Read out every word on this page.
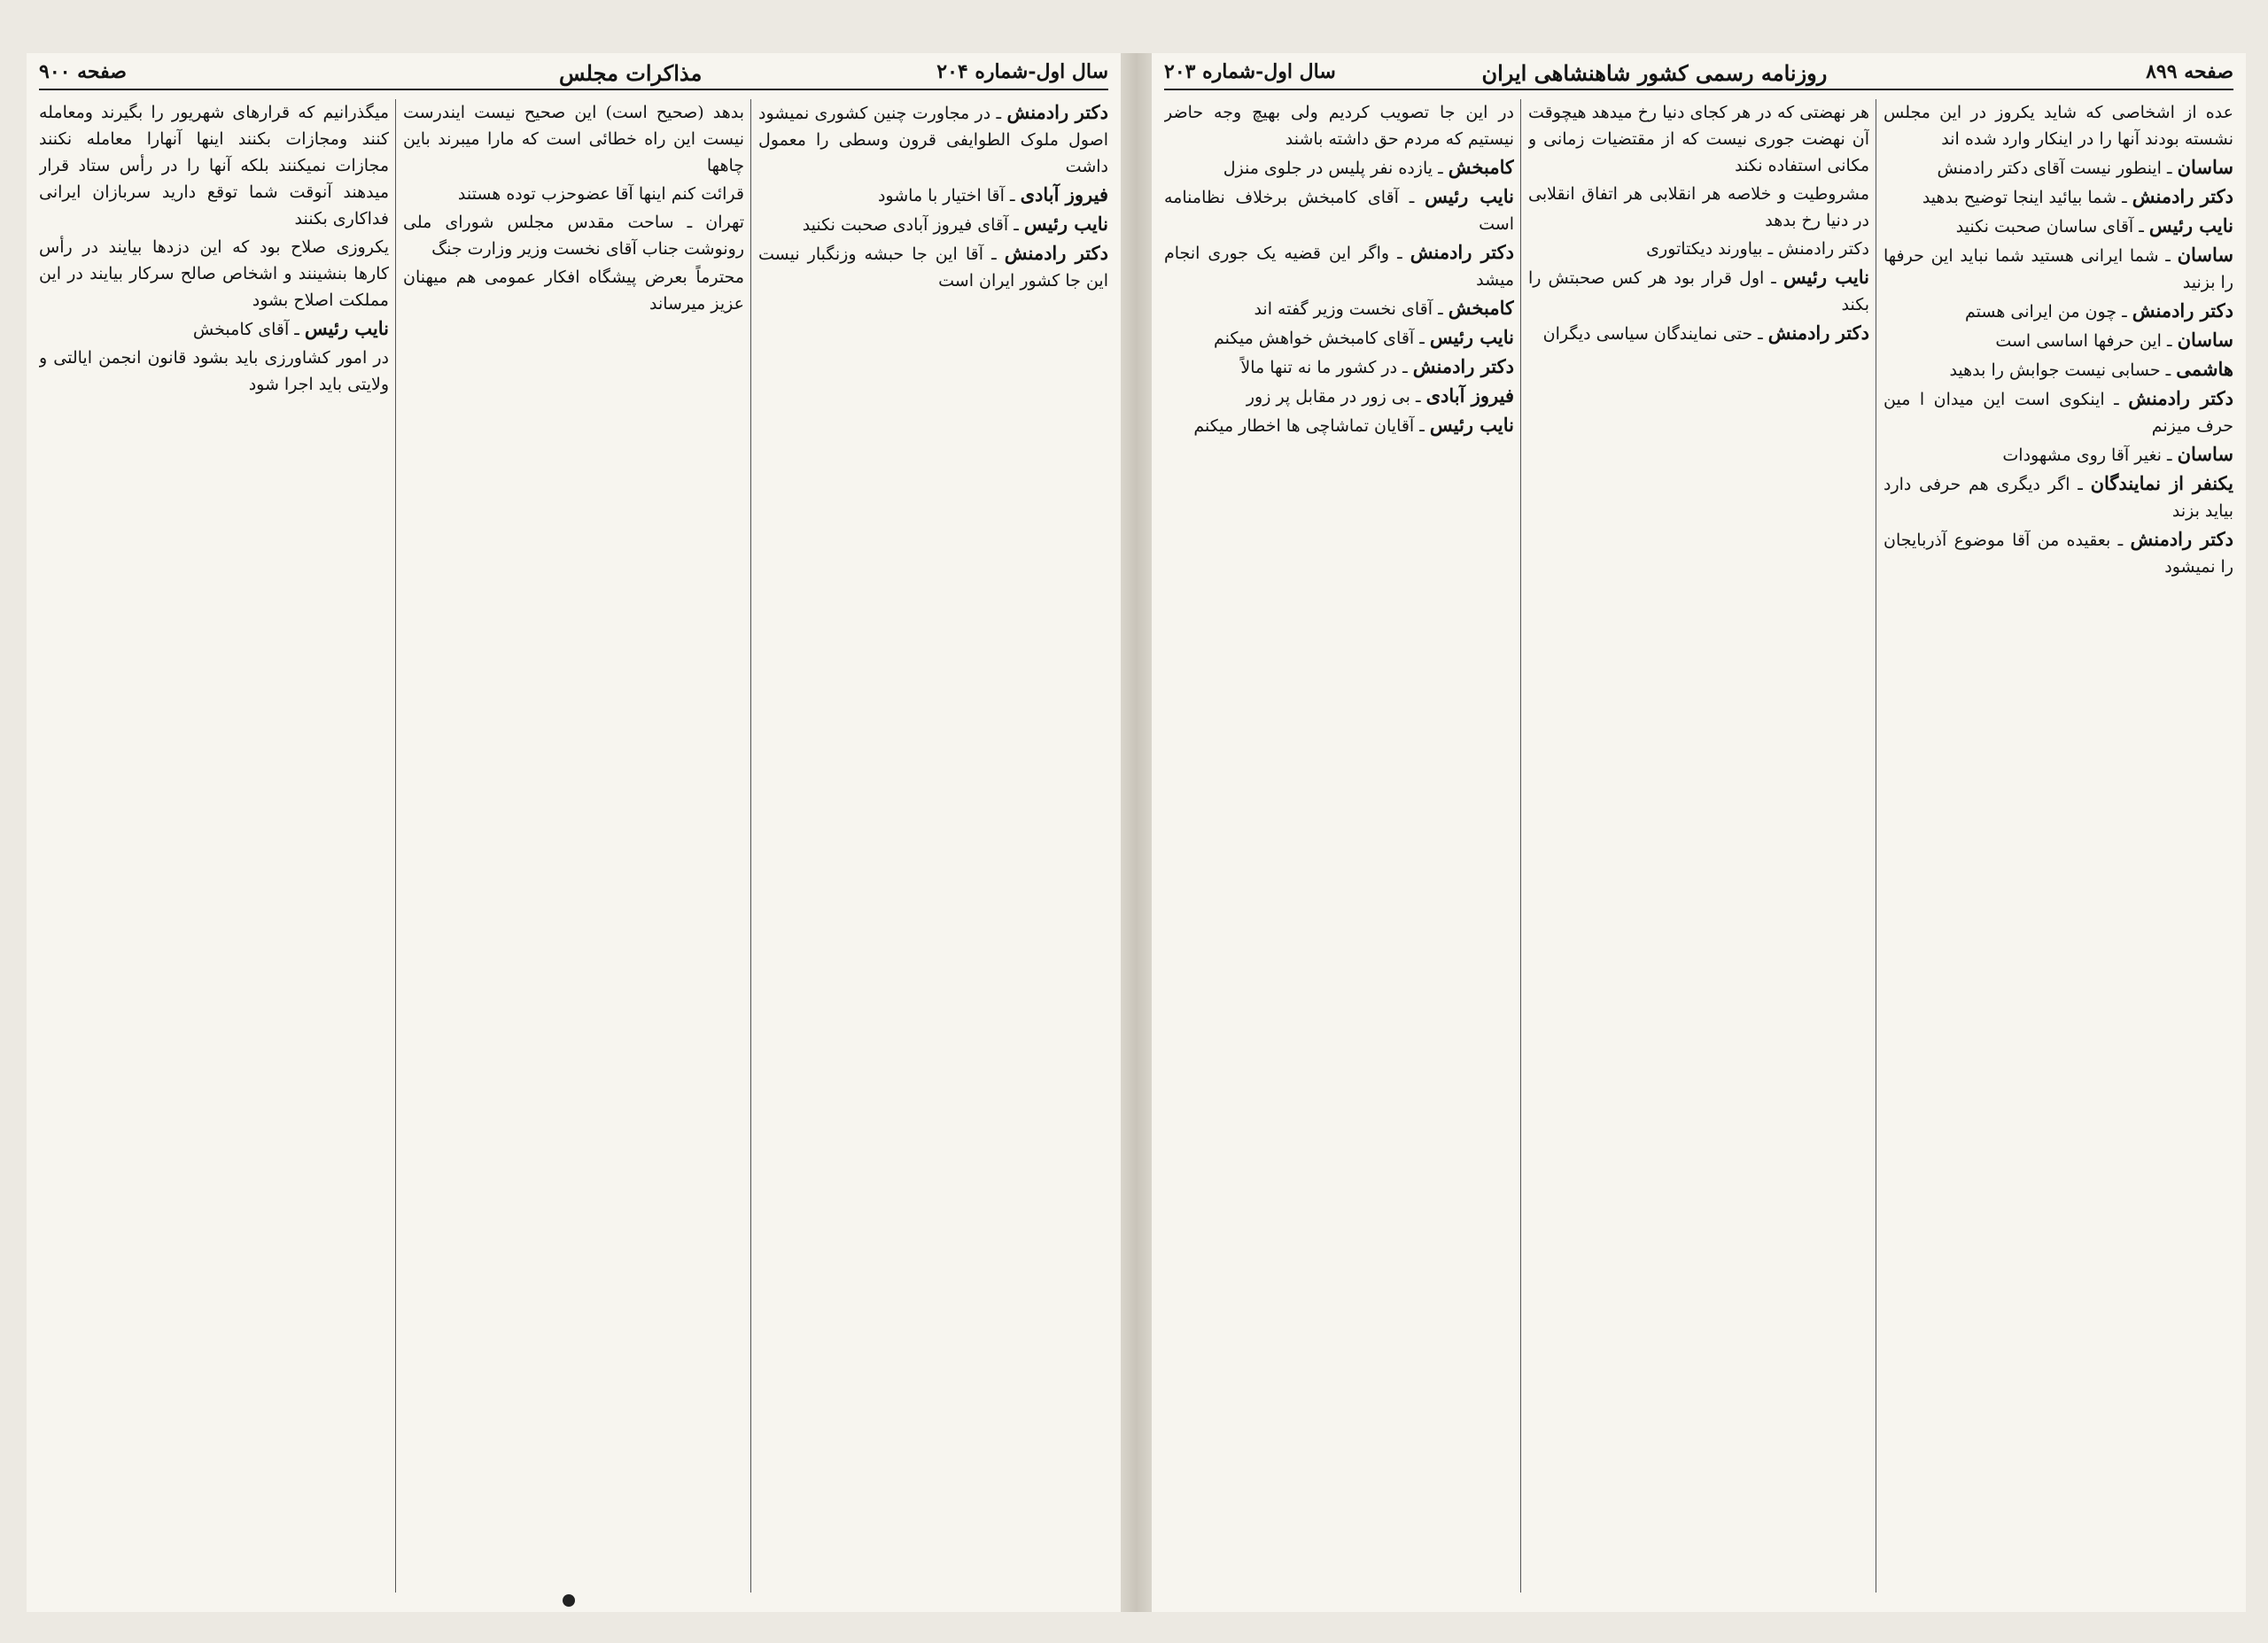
سال اول-شماره ۲۰۴
مذاکرات مجلس
صفحه ۹۰۰

دکتر رادمنش ـ در مجاورت چنین کشوری نمیشود اصول ملوک الطوایفی قرون وسطی را معمول داشت

فیروز آبادی ـ آقا اختیار با ماشود

نایب رئیس ـ آقای فیروز آبادی صحبت نکنید

دکتر رادمنش ـ آقا این جا حبشه وزنگبار نیست این جا کشور ایران است

بدهد (صحیح است) این صحیح نیست ایندرست نیست این راه خطائی است که مارا میبرند باین چاهها

قرائت کنم اینها آقا عضوحزب توده هستند

تهران ـ ساحت مقدس مجلس شورای ملی رونوشت جناب آقای نخست وزیر وزارت جنگ

محترماً بعرض پیشگاه افکار عمومی هم میهنان عزیز میرساند

میگذرانیم که قرارهای شهریور را بگیرند ومعامله کنند ومجازات بکنند اینها آنهارا معامله نکنند مجازات نمیکنند بلکه آنها را در رأس ستاد قرار میدهند آنوقت شما توقع دارید سربازان ایرانی فداکاری بکنند

یکروزی صلاح بود که این دزدها بیایند در رأس کارها بنشینند و اشخاص صالح سرکار بیایند در این مملکت اصلاح بشود

نایب رئیس ـ آقای کامبخش

در امور کشاورزی باید بشود قانون انجمن ایالتی و ولایتی باید اجرا شود

صفحه ۸۹۹
روزنامه رسمی کشور شاهنشاهی ایران
سال اول-شماره ۲۰۳

عده از اشخاصی که شاید یکروز در این مجلس نشسته بودند آنها را در اینکار وارد شده اند

ساسان ـ اینطور نیست آقای دکتر رادمنش

دکتر رادمنش ـ شما بیائید اینجا توضیح بدهید

نایب رئیس ـ آقای ساسان صحبت نکنید

ساسان ـ شما ایرانی هستید شما نباید این حرفها را بزنید

دکتر رادمنش ـ چون من ایرانی هستم

ساسان ـ این حرفها اساسی است

هاشمی ـ حسابی نیست جوابش را بدهید

دکتر رادمنش ـ اینکوی است این میدان ا مین حرف میزنم

ساسان ـ نغیر آقا روی مشهودات

یکنفر از نمایندگان ـ اگر دیگری هم حرفی دارد بیاید بزند

دکتر رادمنش ـ بعقیده من آقا موضوع آذربایجان را نمیشود

هر نهضتی که در هر کجای دنیا رخ میدهد هیچوقت آن نهضت جوری نیست که از مقتضیات زمانی و مکانی استفاده نکند

مشروطیت و خلاصه هر انقلابی هر اتفاق انقلابی در دنیا رخ بدهد

دکتر رادمنش ـ بیاورند دیکتاتوری

نایب رئیس ـ اول قرار بود هر کس صحبتش را بکند

دکتر رادمنش ـ حتی نمایندگان سیاسی دیگران

در این جا تصویب کردیم ولی بهیچ وجه حاضر نیستیم که مردم حق داشته باشند

کامبخش ـ یازده نفر پلیس در جلوی منزل

نایب رئیس ـ آقای کامبخش برخلاف نظامنامه است

دکتر رادمنش ـ واگر این قضیه یک جوری انجام میشد

کامبخش ـ آقای نخست وزیر گفته اند

نایب رئیس ـ آقای کامبخش خواهش میکنم

دکتر رادمنش ـ در کشور ما نه تنها مالاً

فیروز آبادی ـ بی زور در مقابل پر زور

نایب رئیس ـ آقایان تماشاچی ها اخطار میکنم
